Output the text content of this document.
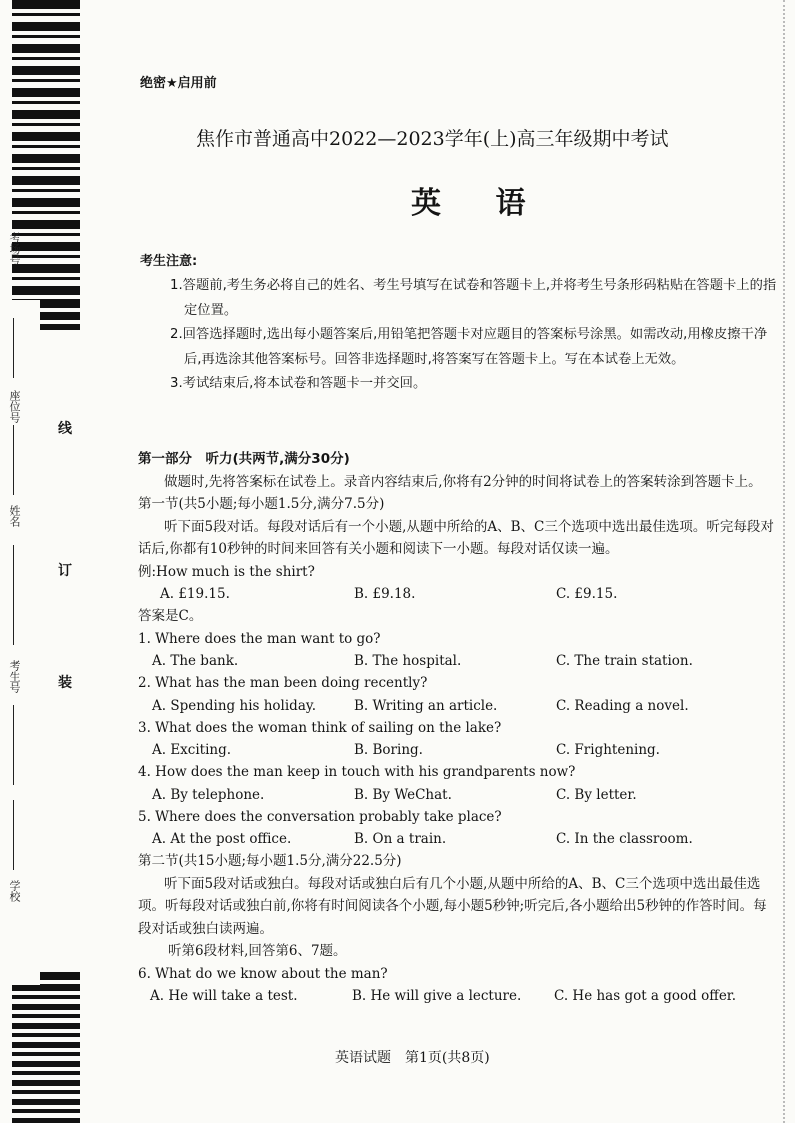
考场号
座位号
姓名
考生号
学校
线
订
装
绝密★启用前
焦作市普通高中2022—2023学年(上)高三年级期中考试
英 语
考生注意:
1.答题前,考生务必将自己的姓名、考生号填写在试卷和答题卡上,并将考生号条形码粘贴在答题卡上的指定位置。
2.回答选择题时,选出每小题答案后,用铅笔把答题卡对应题目的答案标号涂黑。如需改动,用橡皮擦干净后,再选涂其他答案标号。回答非选择题时,将答案写在答题卡上。写在本试卷上无效。
3.考试结束后,将本试卷和答题卡一并交回。
第一部分　听力(共两节,满分30分)
做题时,先将答案标在试卷上。录音内容结束后,你将有2分钟的时间将试卷上的答案转涂到答题卡上。
第一节(共5小题;每小题1.5分,满分7.5分)
听下面5段对话。每段对话后有一个小题,从题中所给的A、B、C三个选项中选出最佳选项。听完每段对话后,你都有10秒钟的时间来回答有关小题和阅读下一小题。每段对话仅读一遍。
例:How much is the shirt?
A. £19.15.	B. £9.18.	C. £9.15.
答案是C。
1. Where does the man want to go?
A. The bank.	B. The hospital.	C. The train station.
2. What has the man been doing recently?
A. Spending his holiday.	B. Writing an article.	C. Reading a novel.
3. What does the woman think of sailing on the lake?
A. Exciting.	B. Boring.	C. Frightening.
4. How does the man keep in touch with his grandparents now?
A. By telephone.	B. By WeChat.	C. By letter.
5. Where does the conversation probably take place?
A. At the post office.	B. On a train.	C. In the classroom.
第二节(共15小题;每小题1.5分,满分22.5分)
听下面5段对话或独白。每段对话或独白后有几个小题,从题中所给的A、B、C三个选项中选出最佳选项。听每段对话或独白前,你将有时间阅读各个小题,每小题5秒钟;听完后,各小题给出5秒钟的作答时间。每段对话或独白读两遍。
听第6段材料,回答第6、7题。
6. What do we know about the man?
A. He will take a test.	B. He will give a lecture. C. He has got a good offer.
英语试题　第1页(共8页)
